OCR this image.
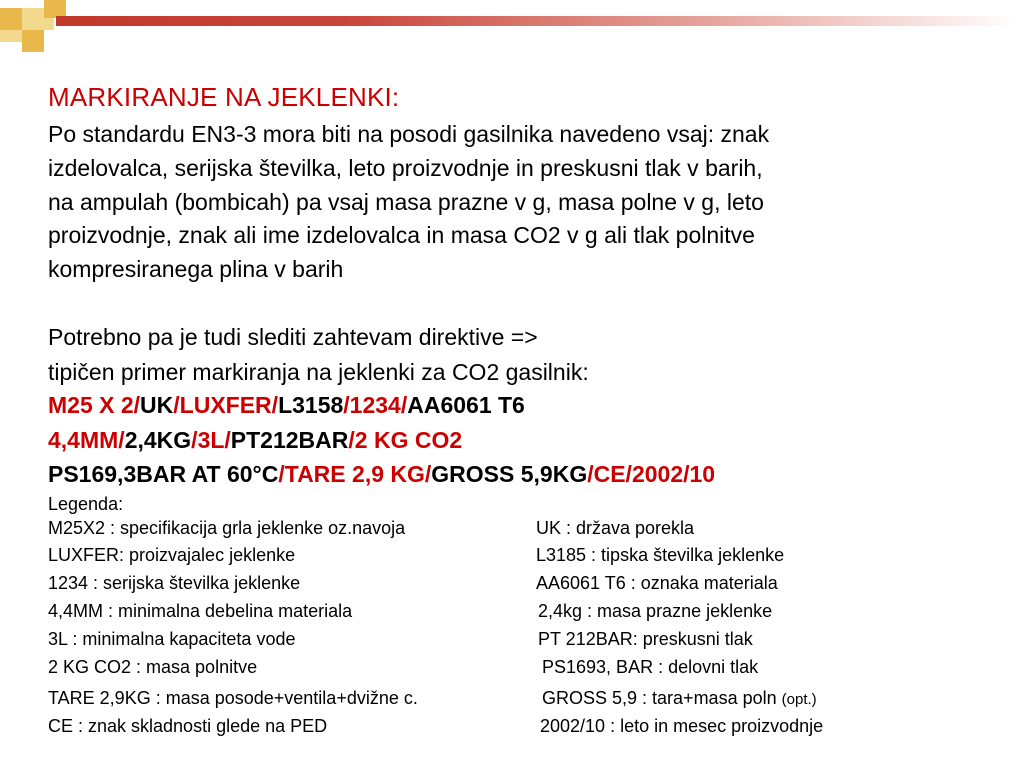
MARKIRANJE NA JEKLENKI:
Po standardu EN3-3 mora biti na posodi gasilnika navedeno vsaj: znak
izdelovalca, serijska številka, leto proizvodnje in preskusni tlak v barih,
na ampulah (bombicah) pa vsaj masa prazne v g, masa polne v g, leto
proizvodnje, znak ali ime izdelovalca in masa CO2 v g ali tlak polnitve
kompresiranega plina v barih
Potrebno pa je tudi slediti zahtevam direktive =>
tipičen primer markiranja na jeklenki za CO2 gasilnik:
M25 X 2/UK/LUXFER/L3158/1234/AA6061 T6
4,4MM/2,4KG/3L/PT212BAR/2 KG CO2
PS169,3BAR AT 60°C/TARE 2,9 KG/GROSS 5,9KG/CE/2002/10
Legenda:
M25X2 : specifikacija grla jeklenke oz.navoja	UK : država porekla
LUXFER: proizvajalec jeklenke	L3185 : tipska številka jeklenke
1234 : serijska številka jeklenke	AA6061 T6 : oznaka materiala
4,4MM : minimalna debelina materiala	2,4kg : masa prazne jeklenke
3L : minimalna kapaciteta vode	PT 212BAR: preskusni tlak
2 KG CO2 : masa polnitve	PS1693, BAR : delovni tlak
TARE 2,9KG : masa posode+ventila+dvižne c.	GROSS 5,9 : tara+masa poln (opt.)
CE : znak skladnosti glede na PED	2002/10 : leto in mesec proizvodnje
